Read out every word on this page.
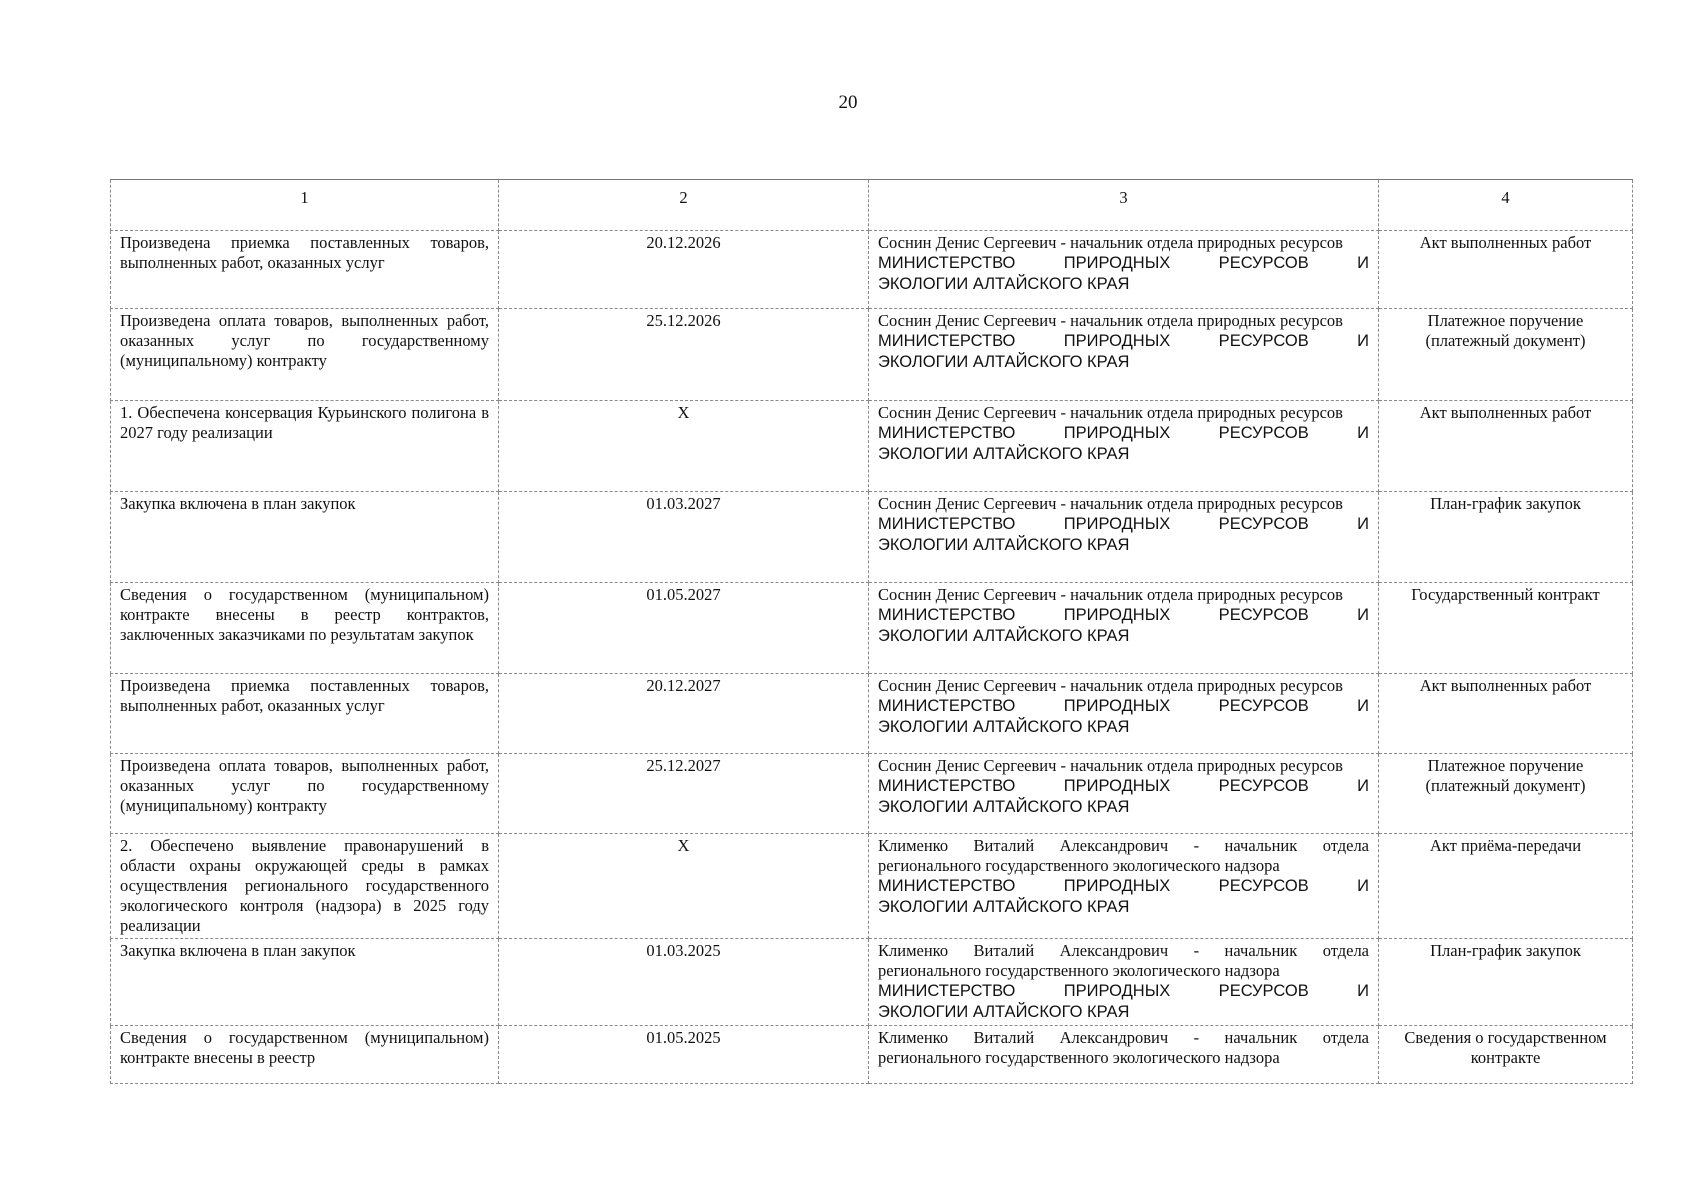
20
1	2	3	4
Произведена приемка поставленных товаров, выполненных работ, оказанных услуг	20.12.2026	Соснин Денис Сергеевич - начальник отдела природных ресурсов
МИНИСТЕРСТВО ПРИРОДНЫХ РЕСУРСОВ И
ЭКОЛОГИИ АЛТАЙСКОГО КРАЯ	Акт выполненных работ
Произведена оплата товаров, выполненных работ, оказанных услуг по государственному (муниципальному) контракту	25.12.2026	Соснин Денис Сергеевич - начальник отдела природных ресурсов
МИНИСТЕРСТВО ПРИРОДНЫХ РЕСУРСОВ И
ЭКОЛОГИИ АЛТАЙСКОГО КРАЯ	Платежное поручение (платежный документ)
1. Обеспечена консервация Курьинского полигона в 2027 году реализации	X	Соснин Денис Сергеевич - начальник отдела природных ресурсов
МИНИСТЕРСТВО ПРИРОДНЫХ РЕСУРСОВ И
ЭКОЛОГИИ АЛТАЙСКОГО КРАЯ	Акт выполненных работ
Закупка включена в план закупок	01.03.2027	Соснин Денис Сергеевич - начальник отдела природных ресурсов
МИНИСТЕРСТВО ПРИРОДНЫХ РЕСУРСОВ И
ЭКОЛОГИИ АЛТАЙСКОГО КРАЯ	План-график закупок
Сведения о государственном (муниципальном) контракте внесены в реестр контрактов, заключенных заказчиками по результатам закупок	01.05.2027	Соснин Денис Сергеевич - начальник отдела природных ресурсов
МИНИСТЕРСТВО ПРИРОДНЫХ РЕСУРСОВ И
ЭКОЛОГИИ АЛТАЙСКОГО КРАЯ	Государственный контракт
Произведена приемка поставленных товаров, выполненных работ, оказанных услуг	20.12.2027	Соснин Денис Сергеевич - начальник отдела природных ресурсов
МИНИСТЕРСТВО ПРИРОДНЫХ РЕСУРСОВ И
ЭКОЛОГИИ АЛТАЙСКОГО КРАЯ	Акт выполненных работ
Произведена оплата товаров, выполненных работ, оказанных услуг по государственному (муниципальному) контракту	25.12.2027	Соснин Денис Сергеевич - начальник отдела природных ресурсов
МИНИСТЕРСТВО ПРИРОДНЫХ РЕСУРСОВ И
ЭКОЛОГИИ АЛТАЙСКОГО КРАЯ	Платежное поручение (платежный документ)
2. Обеспечено выявление правонарушений в области охраны окружающей среды в рамках осуществления регионального государственного экологического контроля (надзора) в 2025 году реализации	X	Клименко Виталий Александрович - начальник отдела регионального государственного экологического надзора
МИНИСТЕРСТВО ПРИРОДНЫХ РЕСУРСОВ И
ЭКОЛОГИИ АЛТАЙСКОГО КРАЯ	Акт приёма-передачи
Закупка включена в план закупок	01.03.2025	Клименко Виталий Александрович - начальник отдела регионального государственного экологического надзора
МИНИСТЕРСТВО ПРИРОДНЫХ РЕСУРСОВ И
ЭКОЛОГИИ АЛТАЙСКОГО КРАЯ	План-график закупок
Сведения о государственном (муниципальном) контракте внесены в реестр	01.05.2025	Клименко Виталий Александрович - начальник отдела регионального государственного экологического надзора	Сведения о государственном контракте
